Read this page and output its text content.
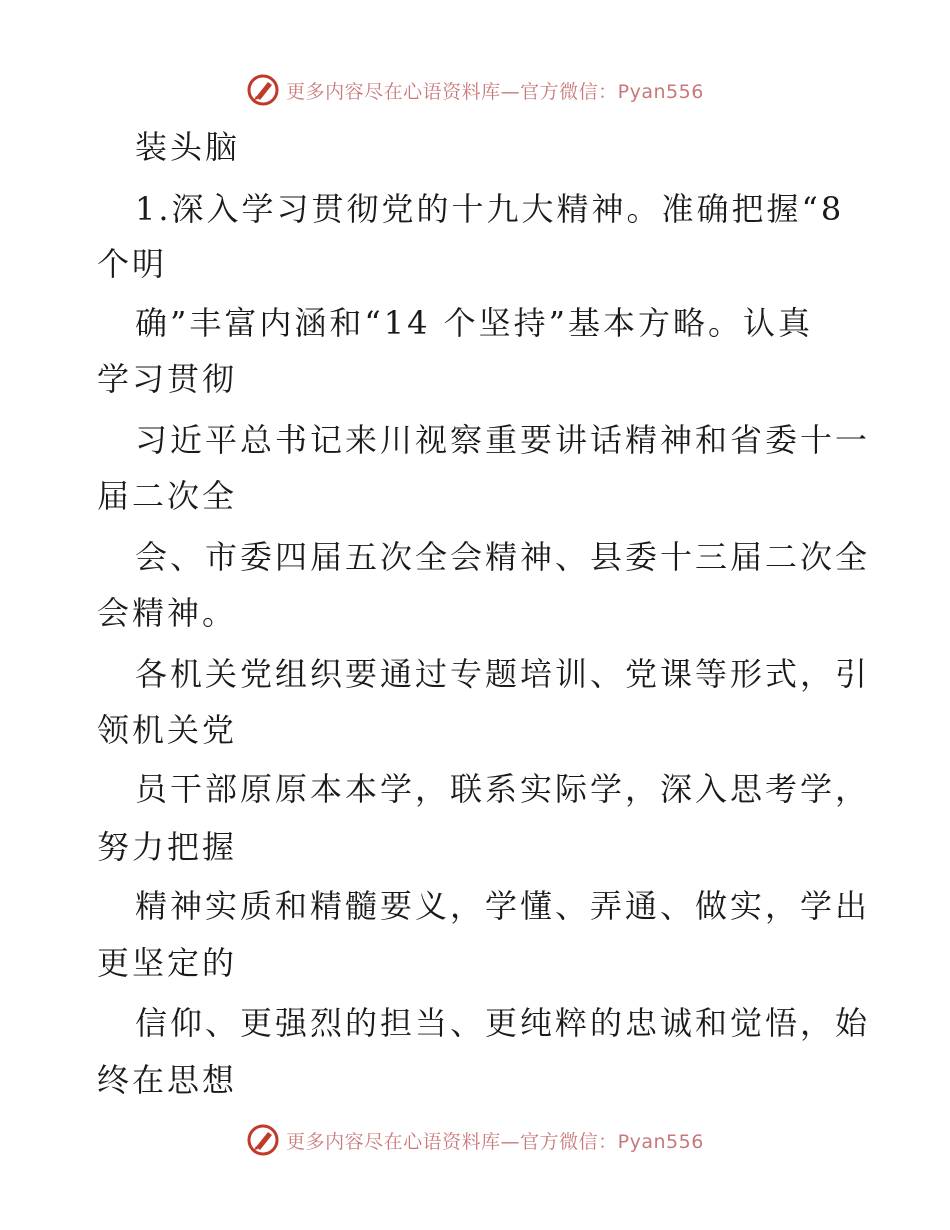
更多内容尽在心语资料库—官方微信：Pyan556
装头脑
1.深入学习贯彻党的十九大精神。准确把握“8
个明
确”丰富内涵和“14 个坚持”基本方略。认真
学习贯彻
习近平总书记来川视察重要讲话精神和省委十一
届二次全
会、市委四届五次全会精神、县委十三届二次全
会精神。
各机关党组织要通过专题培训、党课等形式，引
领机关党
员干部原原本本学，联系实际学，深入思考学，
努力把握
精神实质和精髓要义，学懂、弄通、做实，学出
更坚定的
信仰、更强烈的担当、更纯粹的忠诚和觉悟，始
终在思想
更多内容尽在心语资料库—官方微信：Pyan556
